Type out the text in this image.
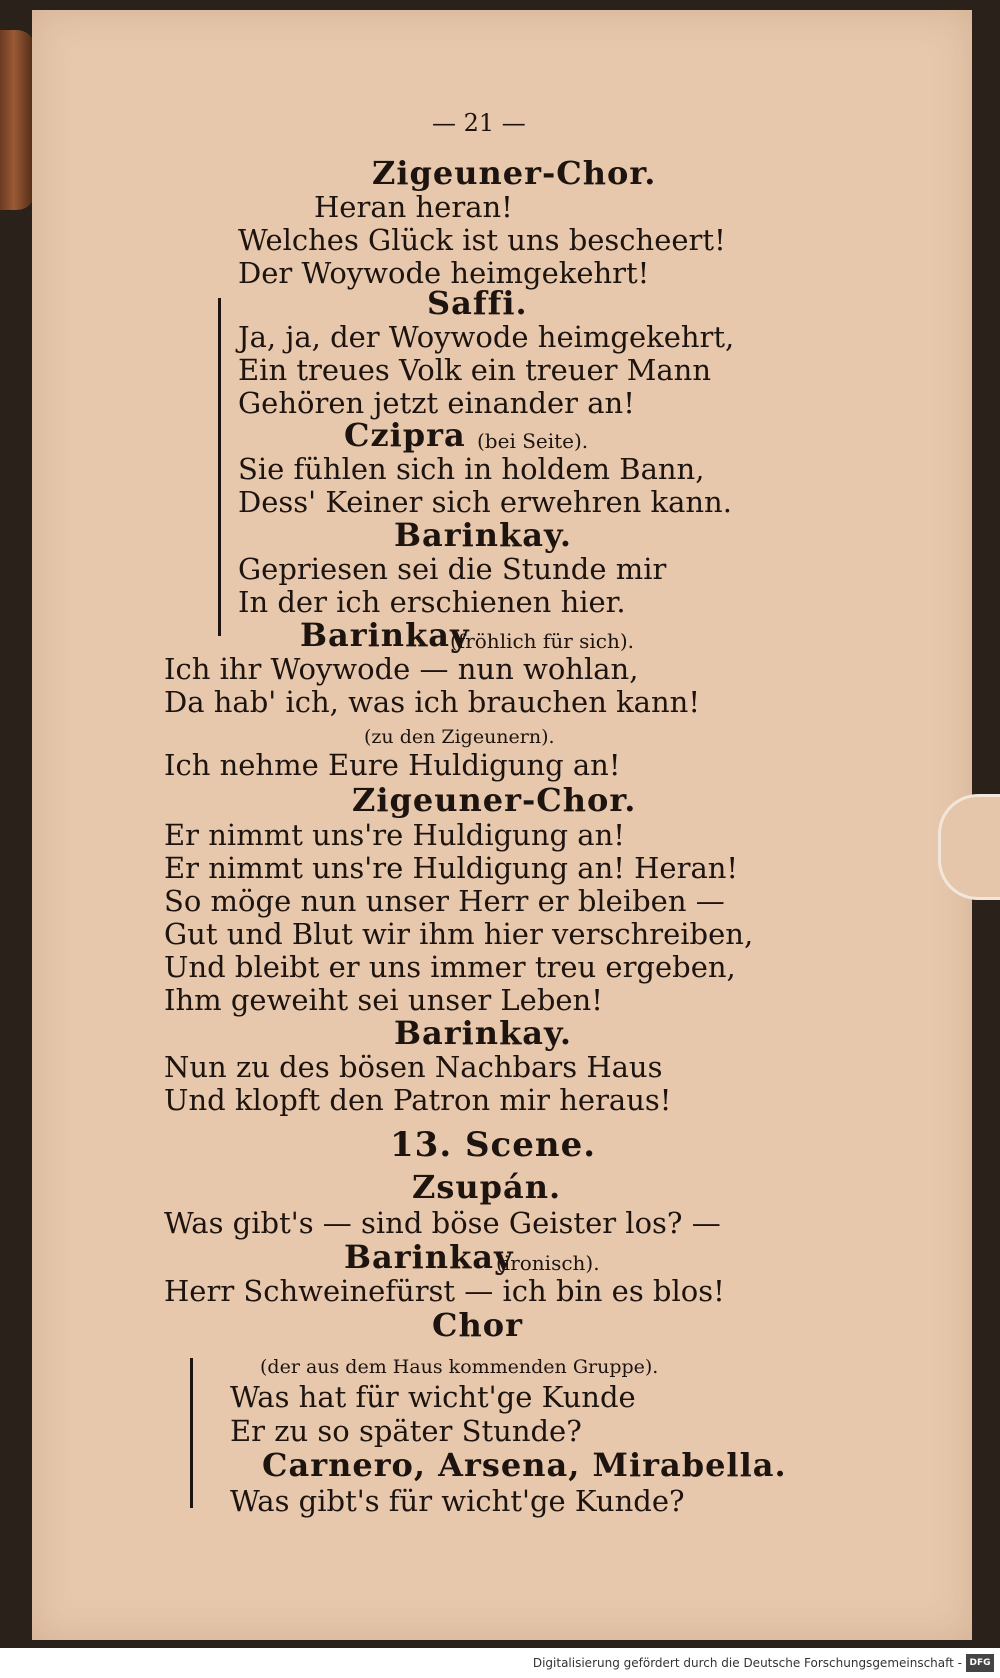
— 21 —
Zigeuner-Chor.
Heran heran!
Welches Glück ist uns bescheert!
Der Woywode heimgekehrt!
Saffi.
Ja, ja, der Woywode heimgekehrt,
Ein treues Volk ein treuer Mann
Gehören jetzt einander an!
Czipra (bei Seite).
Sie fühlen sich in holdem Bann,
Dess' Keiner sich erwehren kann.
Barinkay.
Gepriesen sei die Stunde mir
In der ich erschienen hier.
Barinkay
(fröhlich für sich).
Ich ihr Woywode — nun wohlan,
Da hab' ich, was ich brauchen kann!
(zu den Zigeunern).
Ich nehme Eure Huldigung an!
Zigeuner-Chor.
Er nimmt uns're Huldigung an!
Er nimmt uns're Huldigung an! Heran!
So möge nun unser Herr er bleiben —
Gut und Blut wir ihm hier verschreiben,
Und bleibt er uns immer treu ergeben,
Ihm geweiht sei unser Leben!
Barinkay.
Nun zu des bösen Nachbars Haus
Und klopft den Patron mir heraus!
13. Scene.
Zsupán.
Was gibt's — sind böse Geister los? —
Barinkay
(ironisch).
Herr Schweinefürst — ich bin es blos!
Chor
(der aus dem Haus kommenden Gruppe).
Was hat für wicht'ge Kunde
Er zu so später Stunde?
Carnero, Arsena, Mirabella.
Was gibt's für wicht'ge Kunde?
Digitalisierung gefördert durch die Deutsche Forschungsgemeinschaft - DFG
